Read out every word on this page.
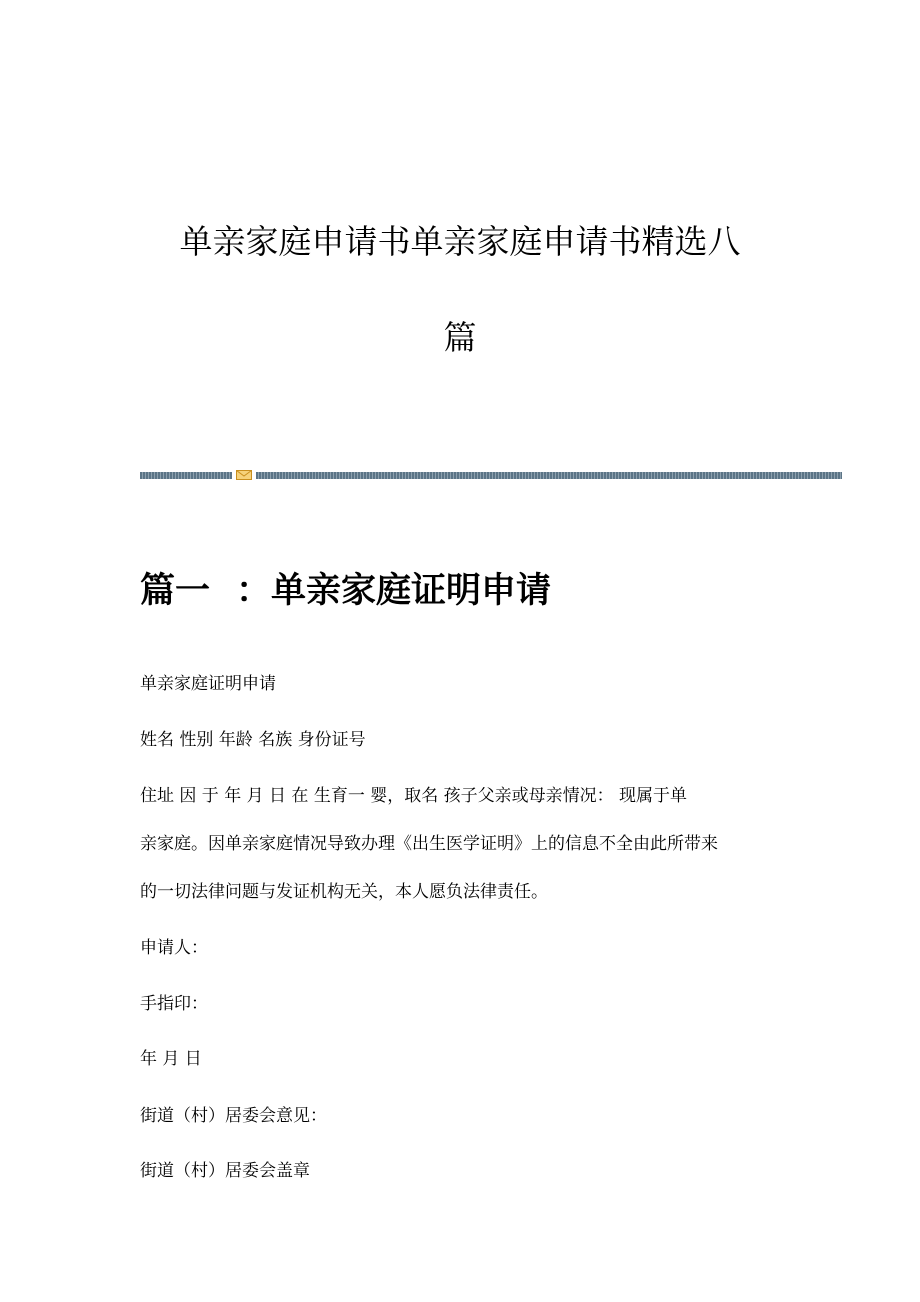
单亲家庭申请书单亲家庭申请书精选八
篇
篇一 ：单亲家庭证明申请

单亲家庭证明申请

姓名 性别 年龄 名族 身份证号

住址 因 于 年 月 日 在 生育一 婴，取名 孩子父亲或母亲情况： 现属于单

亲家庭。因单亲家庭情况导致办理《出生医学证明》上的信息不全由此所带来

的一切法律问题与发证机构无关，本人愿负法律责任。

申请人：

手指印：

年 月 日

街道（村）居委会意见：

街道（村）居委会盖章
